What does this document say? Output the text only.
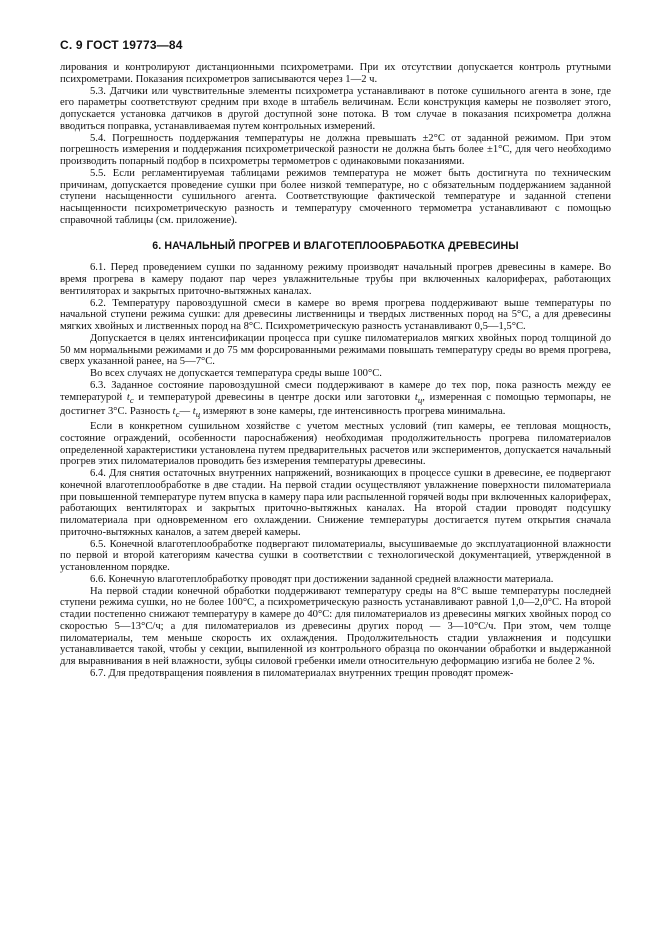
С. 9 ГОСТ 19773—84

лирования и контролируют дистанционными психрометрами. При их отсутствии допускается контроль ртутными психрометрами. Показания психрометров записываются через 1—2 ч.

5.3. Датчики или чувствительные элементы психрометра устанавливают в потоке сушильного агента в зоне, где его параметры соответствуют средним при входе в штабель величинам. Если конструкция камеры не позволяет этого, допускается установка датчиков в другой доступной зоне потока. В том случае в показания психрометра должна вводиться поправка, устанавливаемая путем контрольных измерений.

5.4. Погрешность поддержания температуры не должна превышать ±2°С от заданной режимом. При этом погрешность измерения и поддержания психрометрической разности не должна быть более ±1°С, для чего необходимо производить попарный подбор в психрометры термометров с одинаковыми показаниями.

5.5. Если регламентируемая таблицами режимов температура не может быть достигнута по техническим причинам, допускается проведение сушки при более низкой температуре, но с обязательным поддержанием заданной ступени насыщенности сушильного агента. Соответствующие фактической температуре и заданной степени насыщенности психрометрическую разность и температуру смоченного термометра устанавливают с помощью справочной таблицы (см. приложение).

6. НАЧАЛЬНЫЙ ПРОГРЕВ И ВЛАГОТЕПЛООБРАБОТКА ДРЕВЕСИНЫ

6.1. Перед проведением сушки по заданному режиму производят начальный прогрев древесины в камере. Во время прогрева в камеру подают пар через увлажнительные трубы при включенных калориферах, работающих вентиляторах и закрытых приточно-вытяжных каналах.

6.2. Температуру паровоздушной смеси в камере во время прогрева поддерживают выше температуры по начальной ступени режима сушки: для древесины лиственницы и твердых лиственных пород на 5°С, а для древесины мягких хвойных и лиственных пород на 8°С. Психрометрическую разность устанавливают 0,5—1,5°С.

Допускается в целях интенсификации процесса при сушке пиломатериалов мягких хвойных пород толщиной до 50 мм нормальными режимами и до 75 мм форсированными режимами повышать температуру среды во время прогрева, сверх указанной ранее, на 5—7°С.

Во всех случаях не допускается температура среды выше 100°С.

6.3. Заданное состояние паровоздушной смеси поддерживают в камере до тех пор, пока разность между ее температурой $t_c$ и температурой древесины в центре доски или заготовки $t_ц$, измеренная с помощью термопары, не достигнет 3°С. Разность $t_c—$ $t_ц$ измеряют в зоне камеры, где интенсивность прогрева минимальна.

Если в конкретном сушильном хозяйстве с учетом местных условий (тип камеры, ее тепловая мощность, состояние ограждений, особенности пароснабжения) необходимая продолжительность прогрева пиломатериалов определенной характеристики установлена путем предварительных расчетов или экспериментов, допускается начальный прогрев этих пиломатериалов проводить без измерения температуры древесины.

6.4. Для снятия остаточных внутренних напряжений, возникающих в процессе сушки в древесине, ее подвергают конечной влаготеплообработке в две стадии. На первой стадии осуществляют увлажнение поверхности пиломатериала при повышенной температуре путем впуска в камеру пара или распыленной горячей воды при включенных калориферах, работающих вентиляторах и закрытых приточно-вытяжных каналах. На второй стадии проводят подсушку пиломатериала при одновременном его охлаждении. Снижение температуры достигается путем открытия сначала приточно-вытяжных каналов, а затем дверей камеры.

6.5. Конечной влаготеплообработке подвергают пиломатериалы, высушиваемые до эксплуатационной влажности по первой и второй категориям качества сушки в соответствии с технологической документацией, утвержденной в установленном порядке.

6.6. Конечную влаготеплобработку проводят при достижении заданной средней влажности материала.

На первой стадии конечной обработки поддерживают температуру среды на 8°С выше температуры последней ступени режима сушки, но не более 100°С, а психрометрическую разность устанавливают равной 1,0—2,0°С. На второй стадии постепенно снижают температуру в камере до 40°С: для пиломатериалов из древесины мягких хвойных пород со скоростью 5—13°С/ч; а для пиломатериалов из древесины других пород — 3—10°С/ч. При этом, чем толще пиломатериалы, тем меньше скорость их охлаждения. Продолжительность стадии увлажнения и подсушки устанавливается такой, чтобы у секции, выпиленной из контрольного образца по окончании обработки и выдержанной для выравнивания в ней влажности, зубцы силовой гребенки имели относительную деформацию изгиба не более 2 %.

6.7. Для предотвращения появления в пиломатериалах внутренних трещин проводят промеж-
